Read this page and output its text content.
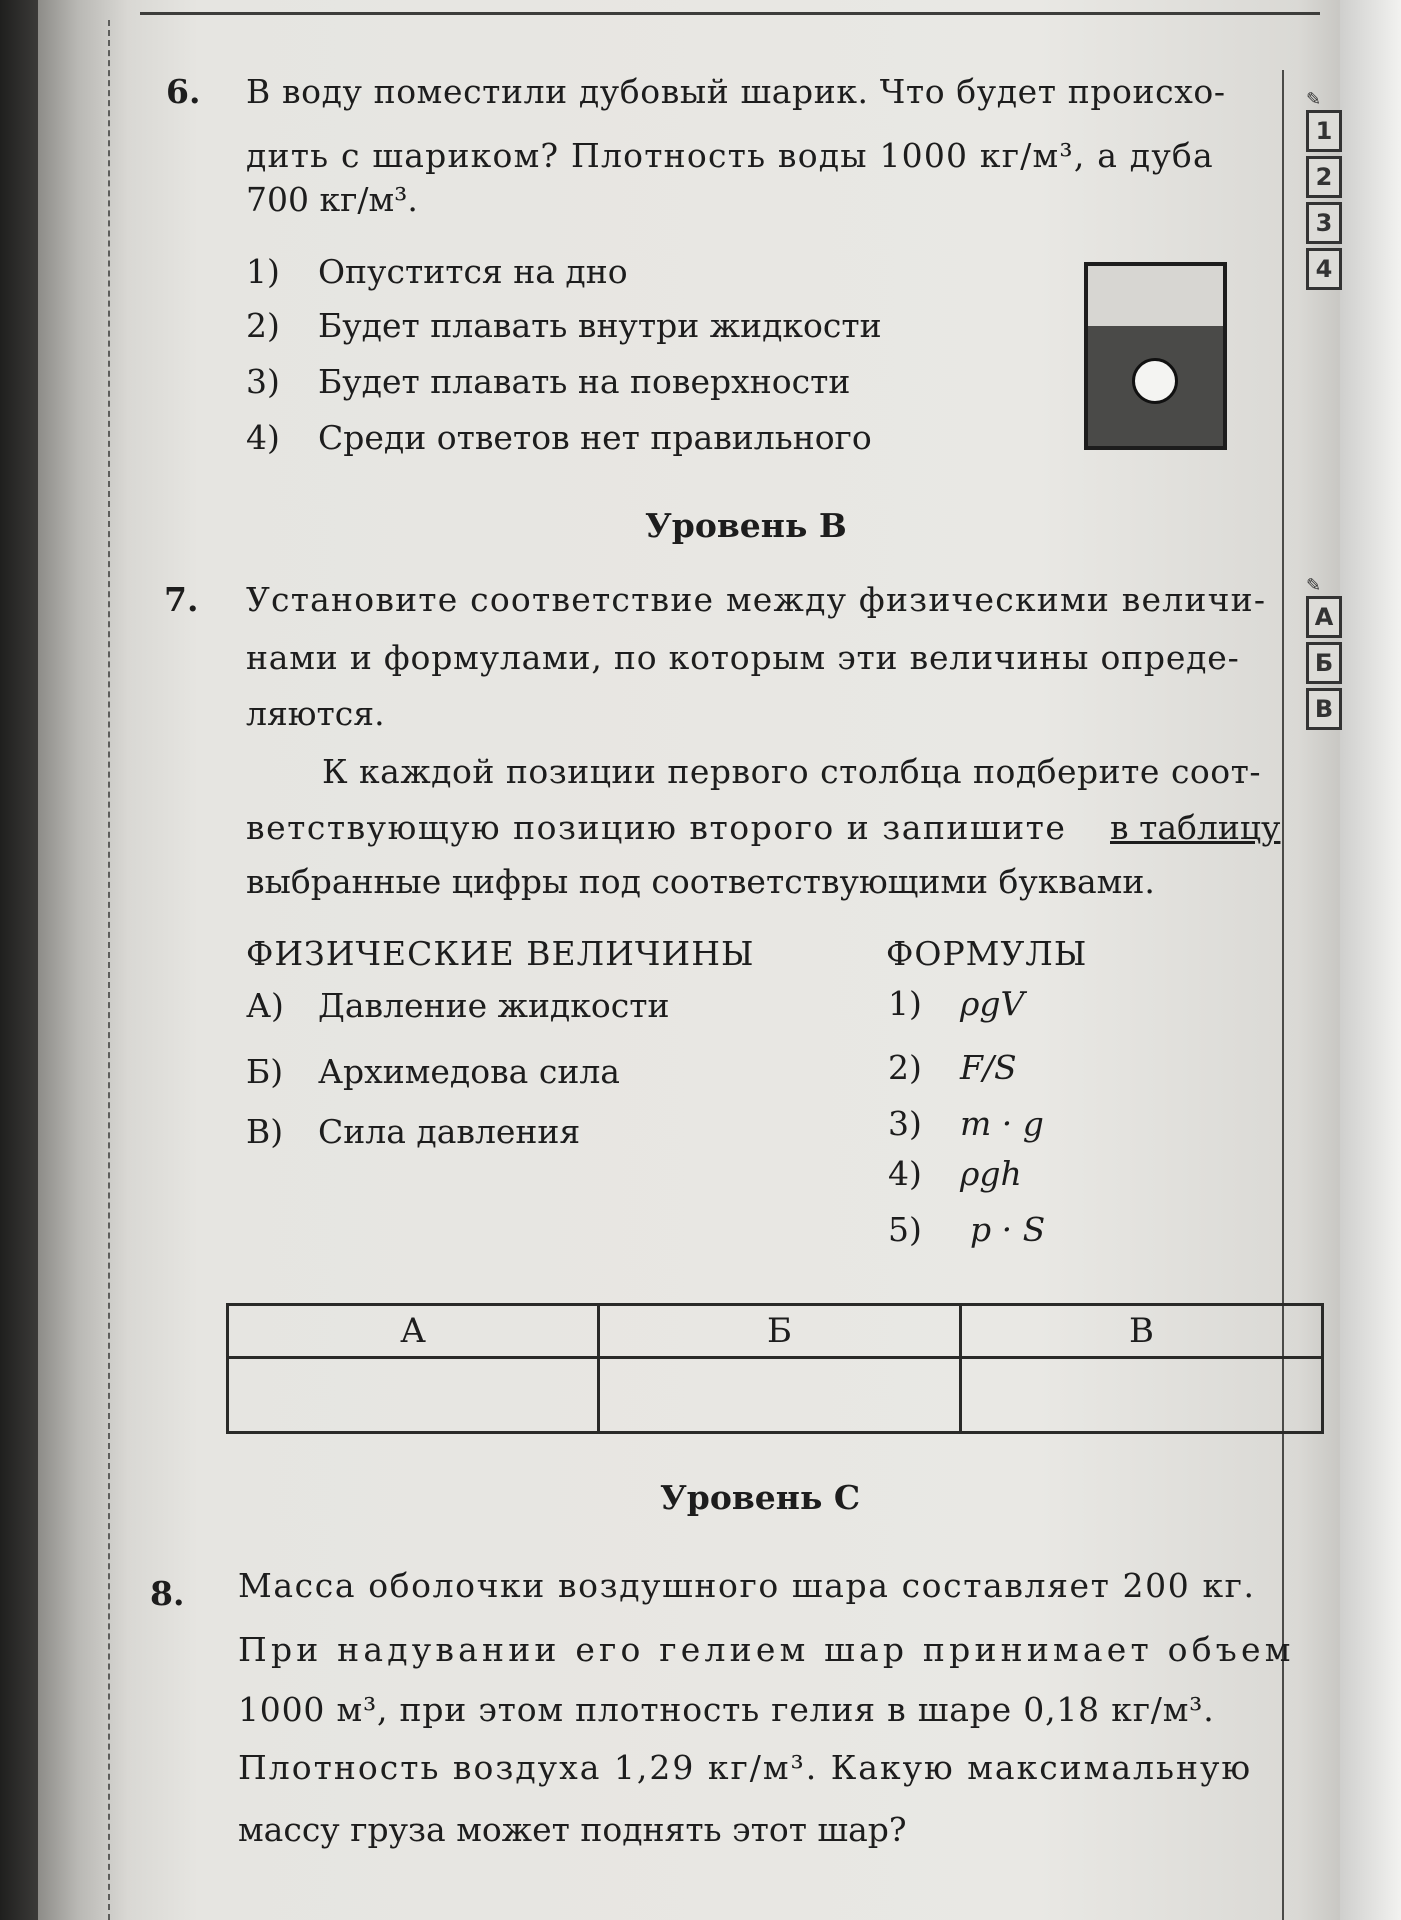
6. В воду поместили дубовый шарик. Что будет происхо-
дить с шариком? Плотность воды 1000 кг/м³, а дуба
700 кг/м³.
1) Опустится на дно
2) Будет плавать внутри жидкости
3) Будет плавать на поверхности
4) Среди ответов нет правильного
✎
1
2
3
4
Уровень В
7. Установите соответствие между физическими величи-
нами и формулами, по которым эти величины опреде-
ляются.
К каждой позиции первого столбца подберите соот-
ветствующую позицию второго и запишите в таблицу
выбранные цифры под соответствующими буквами.
ФИЗИЧЕСКИЕ ВЕЛИЧИНЫ	ФОРМУЛЫ
А) Давление жидкости
Б) Архимедова сила
В) Сила давления
1) ρgV
2) F/S
3) m · g
4) ρgh
5) p · S
✎
А
Б
В
А	Б	В

Уровень С
8. Масса оболочки воздушного шара составляет 200 кг.
При надувании его гелием шар принимает объем
1000 м³, при этом плотность гелия в шаре 0,18 кг/м³.
Плотность воздуха 1,29 кг/м³. Какую максимальную
массу груза может поднять этот шар?
